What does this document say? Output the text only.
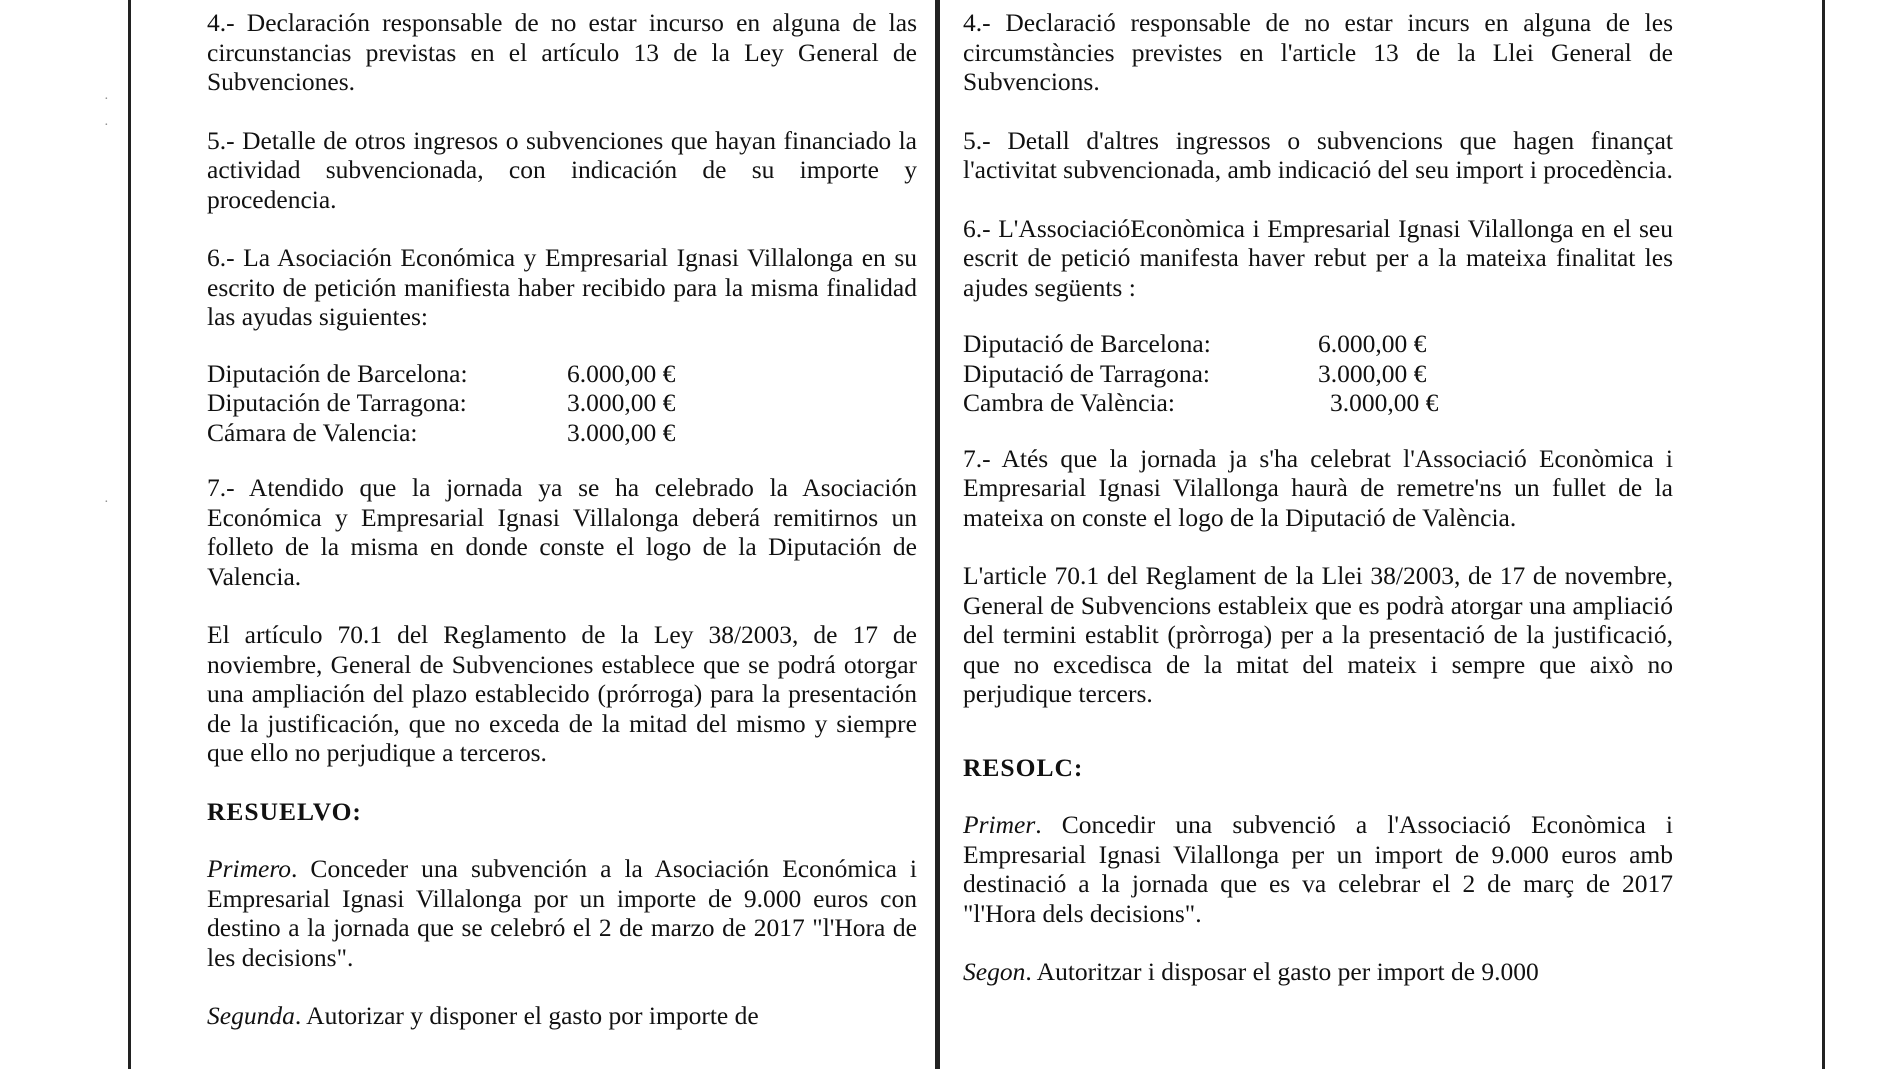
·
·
·

4.- Declaración responsable de no estar incurso en alguna de las circunstancias previstas en el artículo 13 de la Ley General de Subvenciones.

5.- Detalle de otros ingresos o subvenciones que hayan financiado la actividad subvencionada, con indicación de su importe y procedencia.

6.- La Asociación Económica y Empresarial Ignasi Villalonga en su escrito de petición manifiesta haber recibido para la misma finalidad las ayudas siguientes:

Diputación de Barcelona:	6.000,00 €
Diputación de Tarragona:	3.000,00 €
Cámara de Valencia:	3.000,00 €

7.- Atendido que la jornada ya se ha celebrado la Asociación Económica y Empresarial Ignasi Villalonga deberá remitirnos un folleto de la misma en donde conste el logo de la Diputación de Valencia.

El artículo 70.1 del Reglamento de la Ley 38/2003, de 17 de noviembre, General de Subvenciones establece que se podrá otorgar una ampliación del plazo establecido (prórroga) para la presentación de la justificación, que no exceda de la mitad del mismo y siempre que ello no perjudique a terceros.

RESUELVO:

Primero. Conceder una subvención a la Asociación Económica i Empresarial Ignasi Villalonga por un importe de 9.000 euros con destino a la jornada que se celebró el 2 de marzo de 2017 "l'Hora de les decisions".

Segunda. Autorizar y disponer el gasto por importe de

4.- Declaració responsable de no estar incurs en alguna de les circumstàncies previstes en l'article 13 de la Llei General de Subvencions.

5.- Detall d'altres ingressos o subvencions que hagen finançat l'activitat subvencionada, amb indicació del seu import i procedència.

6.- L'AssociacióEconòmica i Empresarial Ignasi Vilallonga en el seu escrit de petició manifesta haver rebut per a la mateixa finalitat les ajudes següents :

Diputació de Barcelona:	6.000,00 €
Diputació de Tarragona:	3.000,00 €
Cambra de València:	3.000,00 €

7.- Atés que la jornada ja s'ha celebrat l'Associació Econòmica i Empresarial Ignasi Vilallonga haurà de remetre'ns un fullet de la mateixa on conste el logo de la Diputació de València.

L'article 70.1 del Reglament de la Llei 38/2003, de 17 de novembre, General de Subvencions estableix que es podrà atorgar una ampliació del termini establit (pròrroga) per a la presentació de la justificació, que no excedisca de la mitat del mateix i sempre que això no perjudique tercers.

RESOLC:

Primer. Concedir una subvenció a l'Associació Econòmica i Empresarial Ignasi Vilallonga per un import de 9.000 euros amb destinació a la jornada que es va celebrar el 2 de març de 2017 "l'Hora dels decisions".

Segon. Autoritzar i disposar el gasto per import de 9.000
